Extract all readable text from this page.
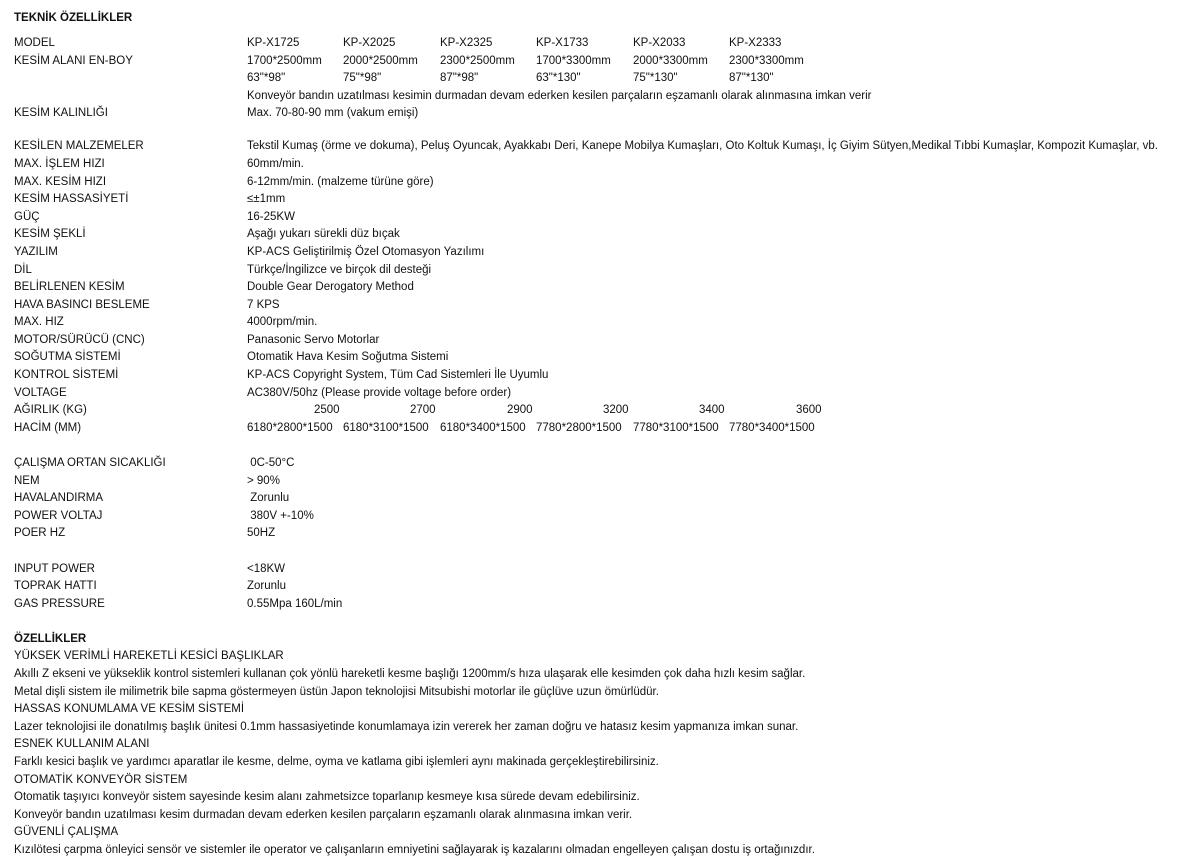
TEKNİK ÖZELLİKLER
MODEL	KP-X1725	KP-X2025	KP-X2325	KP-X1733	KP-X2033	KP-X2333
KESİM ALANI EN-BOY	1700*2500mm 2000*2500mm 2300*2500mm 1700*3300mm 2000*3300mm 2300*3300mm
63"*98"	75"*98"	87"*98"	63"*130"	75"*130"	87"*130"
Konveyör bandın uzatılması kesimin durmadan devam ederken kesilen parçaların eşzamanlı olarak alınmasına imkan verir
KESİM KALINLIĞI	Max. 70-80-90 mm (vakum emişi)
KESİLEN MALZEMELER	Tekstil Kumaş (örme ve dokuma), Peluş Oyuncak, Ayakkabı Deri, Kanepe Mobilya Kumaşları, Oto Koltuk Kumaşı, İç Giyim Sütyen,Medikal Tıbbi Kumaşlar, Kompozit Kumaşlar, vb.
MAX. İŞLEM HIZI	60mm/min.
MAX. KESİM HIZI	6-12mm/min. (malzeme türüne göre)
KESİM HASSASİYETİ	≤±1mm
GÜÇ	16-25KW
KESİM ŞEKLİ	Aşağı yukarı sürekli düz bıçak
YAZILIM	KP-ACS Geliştirilmiş Özel Otomasyon Yazılımı
DİL	Türkçe/İngilizce ve birçok dil desteği
BELİRLENEN KESİM	Double Gear Derogatory Method
HAVA BASINCI BESLEME	7 KPS
MAX. HIZ	4000rpm/min.
MOTOR/SÜRÜCÜ (CNC)	Panasonic Servo Motorlar
SOĞUTMA SİSTEMİ	Otomatik Hava Kesim Soğutma Sistemi
KONTROL SİSTEMİ	KP-ACS Copyright System, Tüm Cad Sistemleri İle Uyumlu
VOLTAGE	AC380V/50hz (Please provide voltage before order)
AĞIRLIK (KG)	2500	2700	2900	3200	3400	3600
HACİM (MM)	6180*2800*1500 6180*3100*1500 6180*3400*1500 7780*2800*1500 7780*3100*1500 7780*3400*1500
ÇALIŞMA ORTAN SICAKLIĞI	0C-50°C
NEM	> 90%
HAVALANDIRMA	Zorunlu
POWER VOLTAJ	380V +-10%
POER HZ	50HZ
INPUT POWER	<18KW
TOPRAK HATTI	Zorunlu
GAS PRESSURE	0.55Mpa 160L/min
ÖZELLİKLER
YÜKSEK VERİMLİ HAREKETLİ KESİCİ BAŞLIKLAR
Akıllı Z ekseni ve yükseklik kontrol sistemleri kullanan çok yönlü hareketli kesme başlığı 1200mm/s hıza ulaşarak elle kesimden çok daha hızlı kesim sağlar.
Metal dişli sistem ile milimetrik bile sapma göstermeyen üstün Japon teknolojisi Mitsubishi motorlar ile güçlüve uzun ömürlüdür.
HASSAS KONUMLAMA VE KESİM SİSTEMİ
Lazer teknolojisi ile donatılmış başlık ünitesi 0.1mm hassasiyetinde konumlamaya izin vererek her zaman doğru ve hatasız kesim yapmanıza imkan sunar.
ESNEK KULLANIM ALANI
Farklı kesici başlık ve yardımcı aparatlar ile kesme, delme, oyma ve katlama gibi işlemleri aynı makinada gerçekleştirebilirsiniz.
OTOMATİK KONVEYÖR SİSTEM
Otomatik taşıyıcı konveyör sistem sayesinde kesim alanı zahmetsizce toparlanıp kesmeye kısa sürede devam edebilirsiniz.
Konveyör bandın uzatılması kesim durmadan devam ederken kesilen parçaların eşzamanlı olarak alınmasına imkan verir.
GÜVENLİ ÇALIŞMA
Kızılötesi çarpma önleyici sensör ve sistemler ile operator ve çalışanların emniyetini sağlayarak iş kazalarını olmadan engelleyen çalışan dostu iş ortağınızdır.
